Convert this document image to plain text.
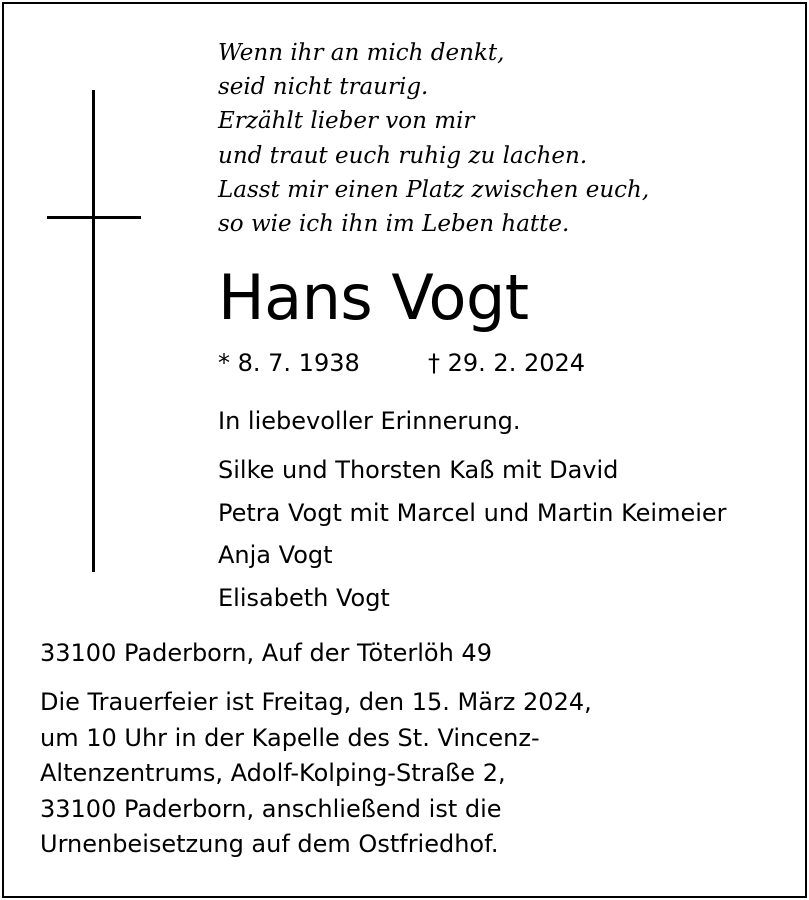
Wenn ihr an mich denkt,
seid nicht traurig.
Erzählt lieber von mir
und traut euch ruhig zu lachen.
Lasst mir einen Platz zwischen euch,
so wie ich ihn im Leben hatte.
Hans Vogt
* 8. 7. 1938	† 29. 2. 2024
In liebevoller Erinnerung.
Silke und Thorsten Kaß mit David
Petra Vogt mit Marcel und Martin Keimeier
Anja Vogt
Elisabeth Vogt
33100 Paderborn, Auf der Töterlöh 49
Die Trauerfeier ist Freitag, den 15. März 2024,
um 10 Uhr in der Kapelle des St. Vincenz-
Altenzentrums, Adolf-Kolping-Straße 2,
33100 Paderborn, anschließend ist die
Urnenbeisetzung auf dem Ostfriedhof.
